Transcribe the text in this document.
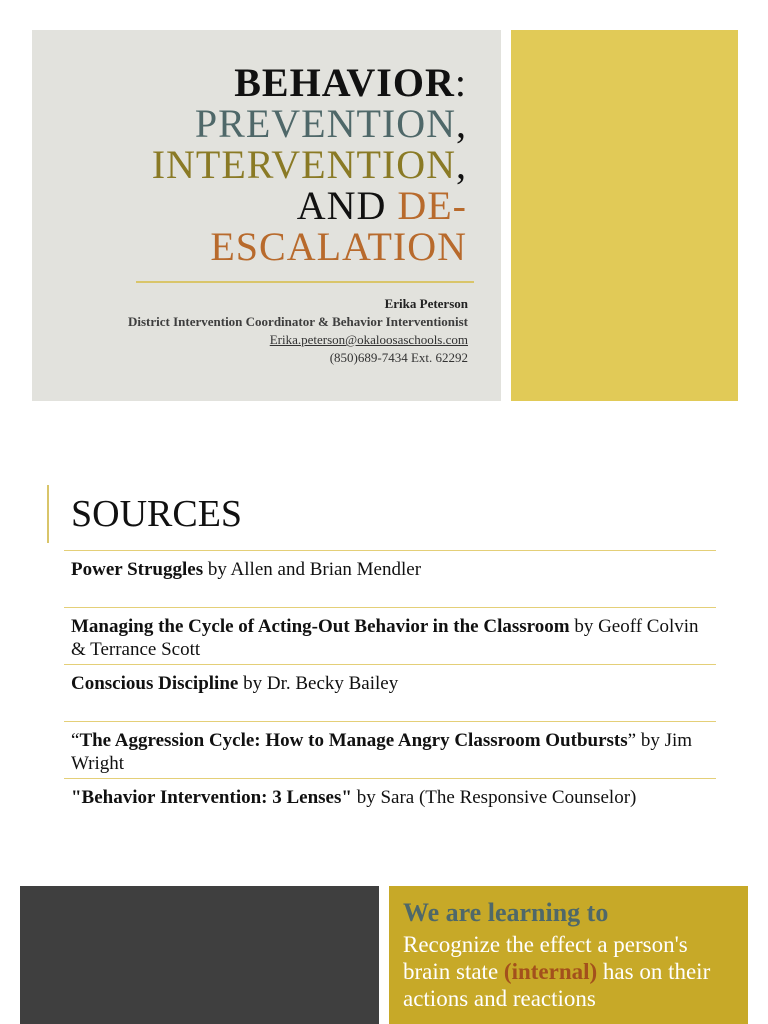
BEHAVIOR:
PREVENTION,
INTERVENTION,
AND DE-
ESCALATION
Erika Peterson
District Intervention Coordinator & Behavior Interventionist
Erika.peterson@okaloosaschools.com
(850)689-7434 Ext. 62292
SOURCES
Power Struggles by Allen and Brian Mendler
Managing the Cycle of Acting-Out Behavior in the Classroom by Geoff Colvin & Terrance Scott
Conscious Discipline by Dr. Becky Bailey
“The Aggression Cycle: How to Manage Angry Classroom Outbursts” by Jim Wright
"Behavior Intervention: 3 Lenses" by Sara (The Responsive Counselor)
We are learning to
Recognize the effect a person's brain state (internal) has on their actions and reactions
